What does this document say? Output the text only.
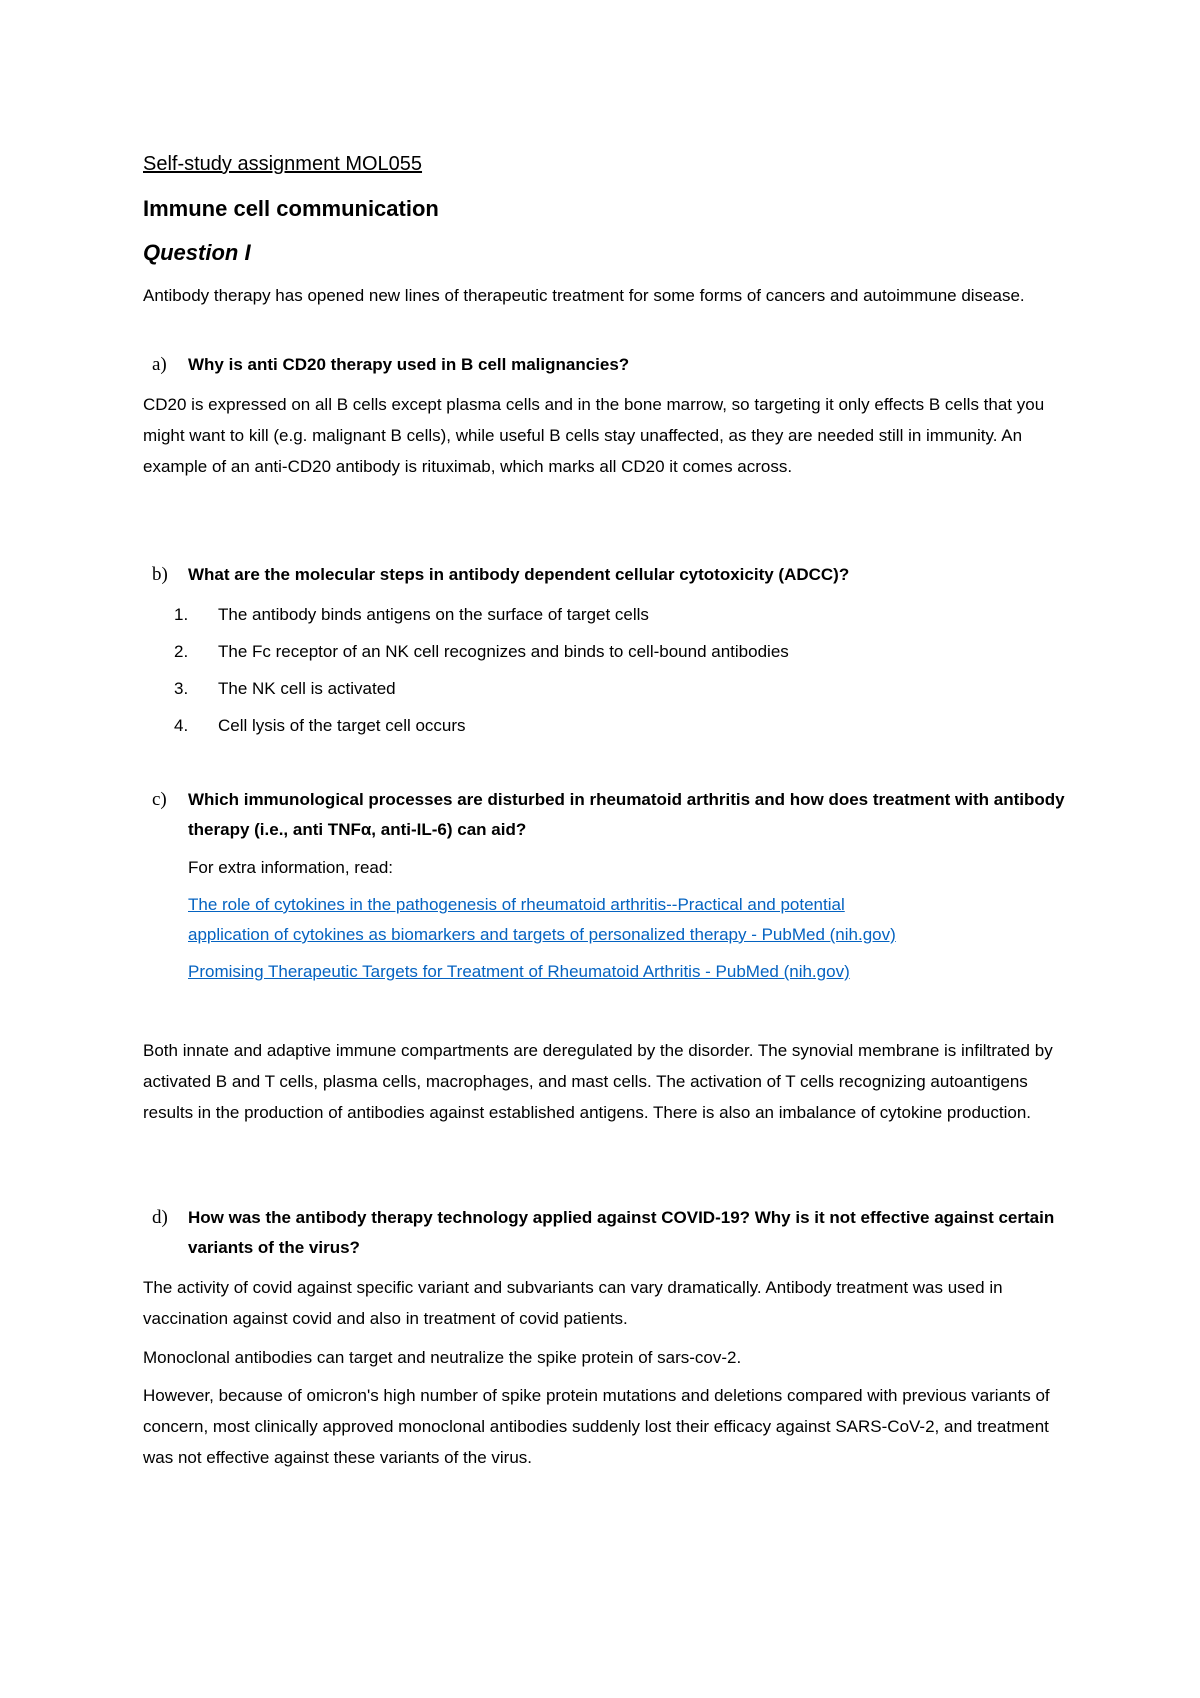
Self-study assignment MOL055
Immune cell communication
Question I
Antibody therapy has opened new lines of therapeutic treatment for some forms of cancers and autoimmune disease.
a) Why is anti CD20 therapy used in B cell malignancies?
CD20 is expressed on all B cells except plasma cells and in the bone marrow, so targeting it only effects B cells that you might want to kill (e.g. malignant B cells), while useful B cells stay unaffected, as they are needed still in immunity. An example of an anti-CD20 antibody is rituximab, which marks all CD20 it comes across.
b) What are the molecular steps in antibody dependent cellular cytotoxicity (ADCC)?
1. The antibody binds antigens on the surface of target cells
2. The Fc receptor of an NK cell recognizes and binds to cell-bound antibodies
3. The NK cell is activated
4. Cell lysis of the target cell occurs
c) Which immunological processes are disturbed in rheumatoid arthritis and how does treatment with antibody therapy (i.e., anti TNFα, anti-IL-6) can aid?
For extra information, read:
The role of cytokines in the pathogenesis of rheumatoid arthritis--Practical and potential
application of cytokines as biomarkers and targets of personalized therapy - PubMed (nih.gov)
Promising Therapeutic Targets for Treatment of Rheumatoid Arthritis - PubMed (nih.gov)
Both innate and adaptive immune compartments are deregulated by the disorder. The synovial membrane is infiltrated by activated B and T cells, plasma cells, macrophages, and mast cells. The activation of T cells recognizing autoantigens results in the production of antibodies against established antigens. There is also an imbalance of cytokine production.
d) How was the antibody therapy technology applied against COVID-19? Why is it not effective against certain variants of the virus?
The activity of covid against specific variant and subvariants can vary dramatically. Antibody treatment was used in vaccination against covid and also in treatment of covid patients.
Monoclonal antibodies can target and neutralize the spike protein of sars-cov-2.
However, because of omicron's high number of spike protein mutations and deletions compared with previous variants of concern, most clinically approved monoclonal antibodies suddenly lost their efficacy against SARS-CoV-2, and treatment was not effective against these variants of the virus.
